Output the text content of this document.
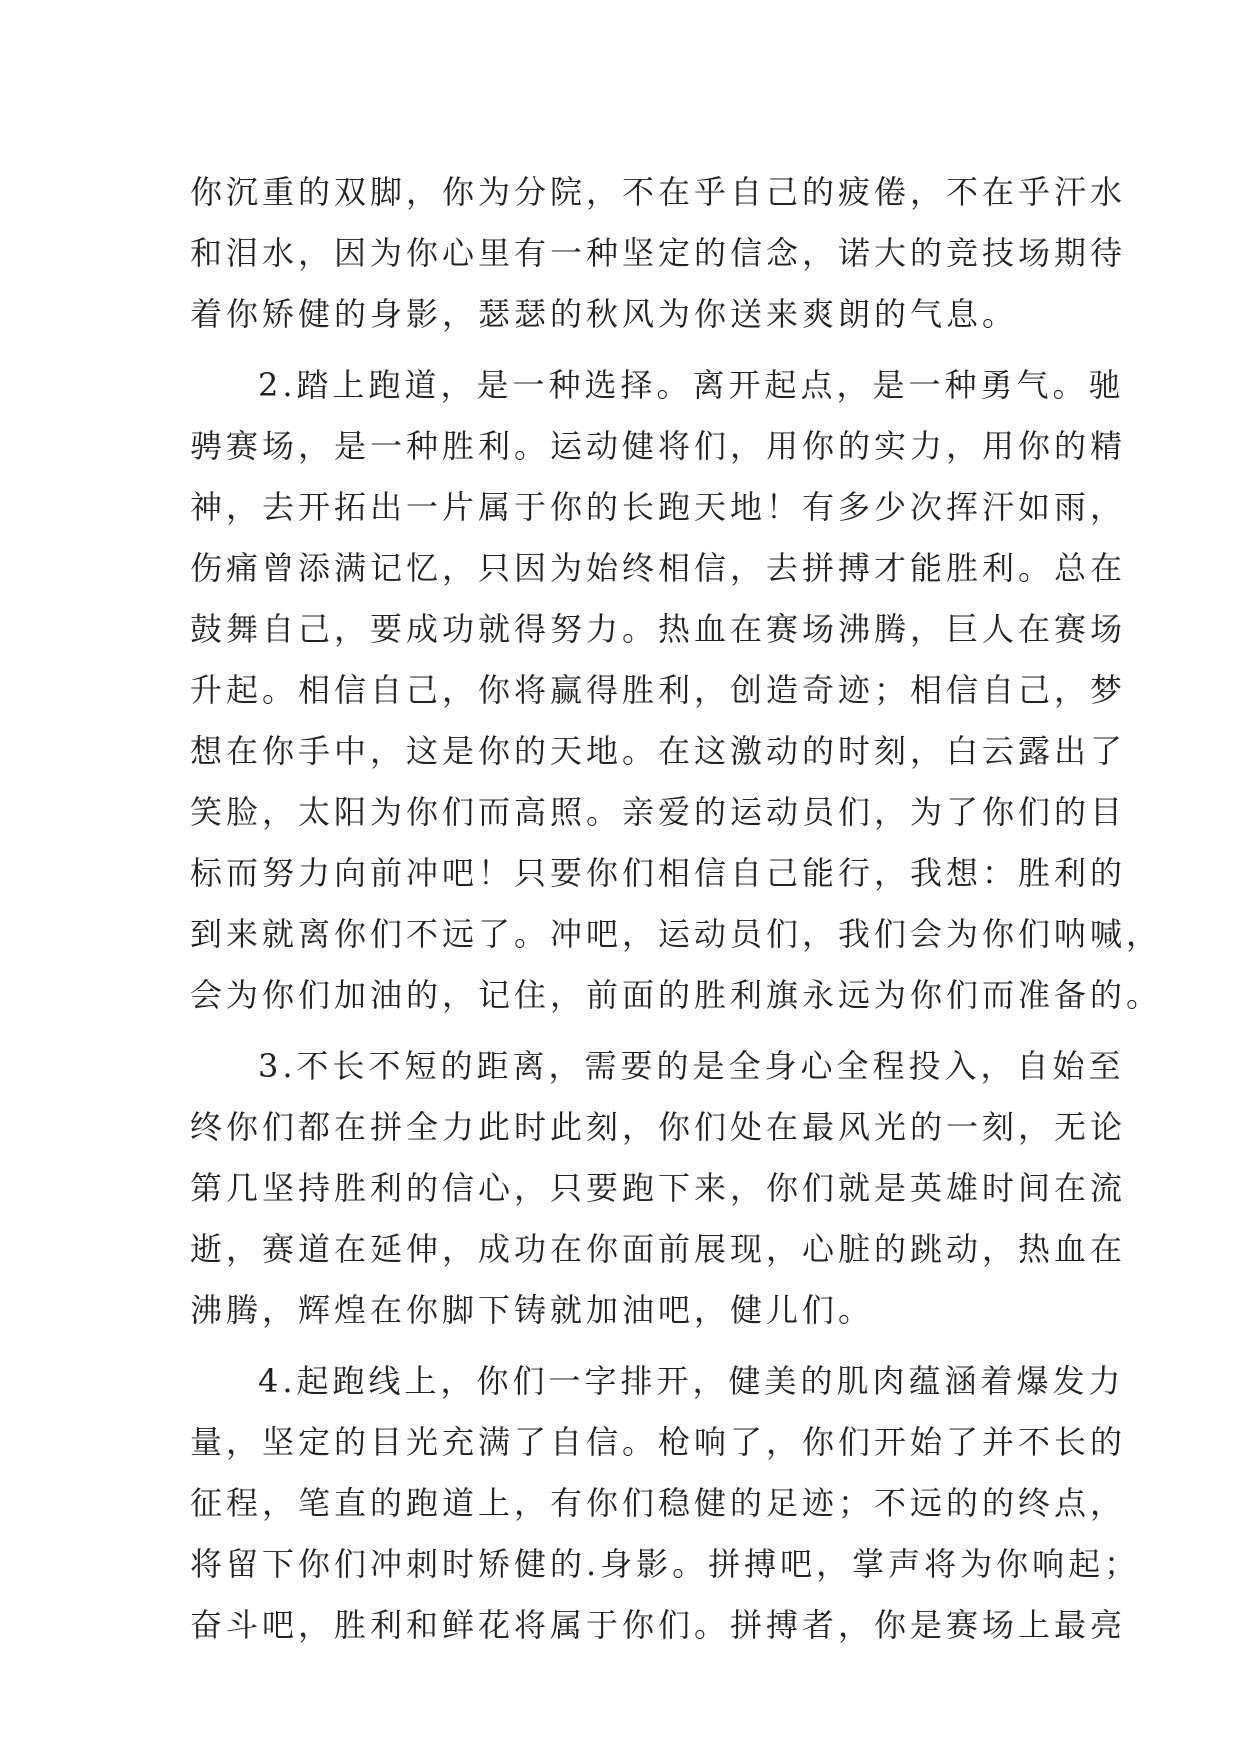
你沉重的双脚，你为分院，不在乎自己的疲倦，不在乎汗水
和泪水，因为你心里有一种坚定的信念，诺大的竞技场期待
着你矫健的身影，瑟瑟的秋风为你送来爽朗的气息。
2.踏上跑道，是一种选择。离开起点，是一种勇气。驰
骋赛场，是一种胜利。运动健将们，用你的实力，用你的精
神，去开拓出一片属于你的长跑天地！有多少次挥汗如雨，
伤痛曾添满记忆，只因为始终相信，去拼搏才能胜利。总在
鼓舞自己，要成功就得努力。热血在赛场沸腾，巨人在赛场
升起。相信自己，你将赢得胜利，创造奇迹；相信自己，梦
想在你手中，这是你的天地。在这激动的时刻，白云露出了
笑脸，太阳为你们而高照。亲爱的运动员们，为了你们的目
标而努力向前冲吧！只要你们相信自己能行，我想：胜利的
到来就离你们不远了。冲吧，运动员们，我们会为你们呐喊，
会为你们加油的，记住，前面的胜利旗永远为你们而准备的。
3.不长不短的距离，需要的是全身心全程投入，自始至
终你们都在拼全力此时此刻，你们处在最风光的一刻，无论
第几坚持胜利的信心，只要跑下来，你们就是英雄时间在流
逝，赛道在延伸，成功在你面前展现，心脏的跳动，热血在
沸腾，辉煌在你脚下铸就加油吧，健儿们。
4.起跑线上，你们一字排开，健美的肌肉蕴涵着爆发力
量，坚定的目光充满了自信。枪响了，你们开始了并不长的
征程，笔直的跑道上，有你们稳健的足迹；不远的的终点，
将留下你们冲刺时矫健的.身影。拼搏吧，掌声将为你响起；
奋斗吧，胜利和鲜花将属于你们。拼搏者，你是赛场上最亮
